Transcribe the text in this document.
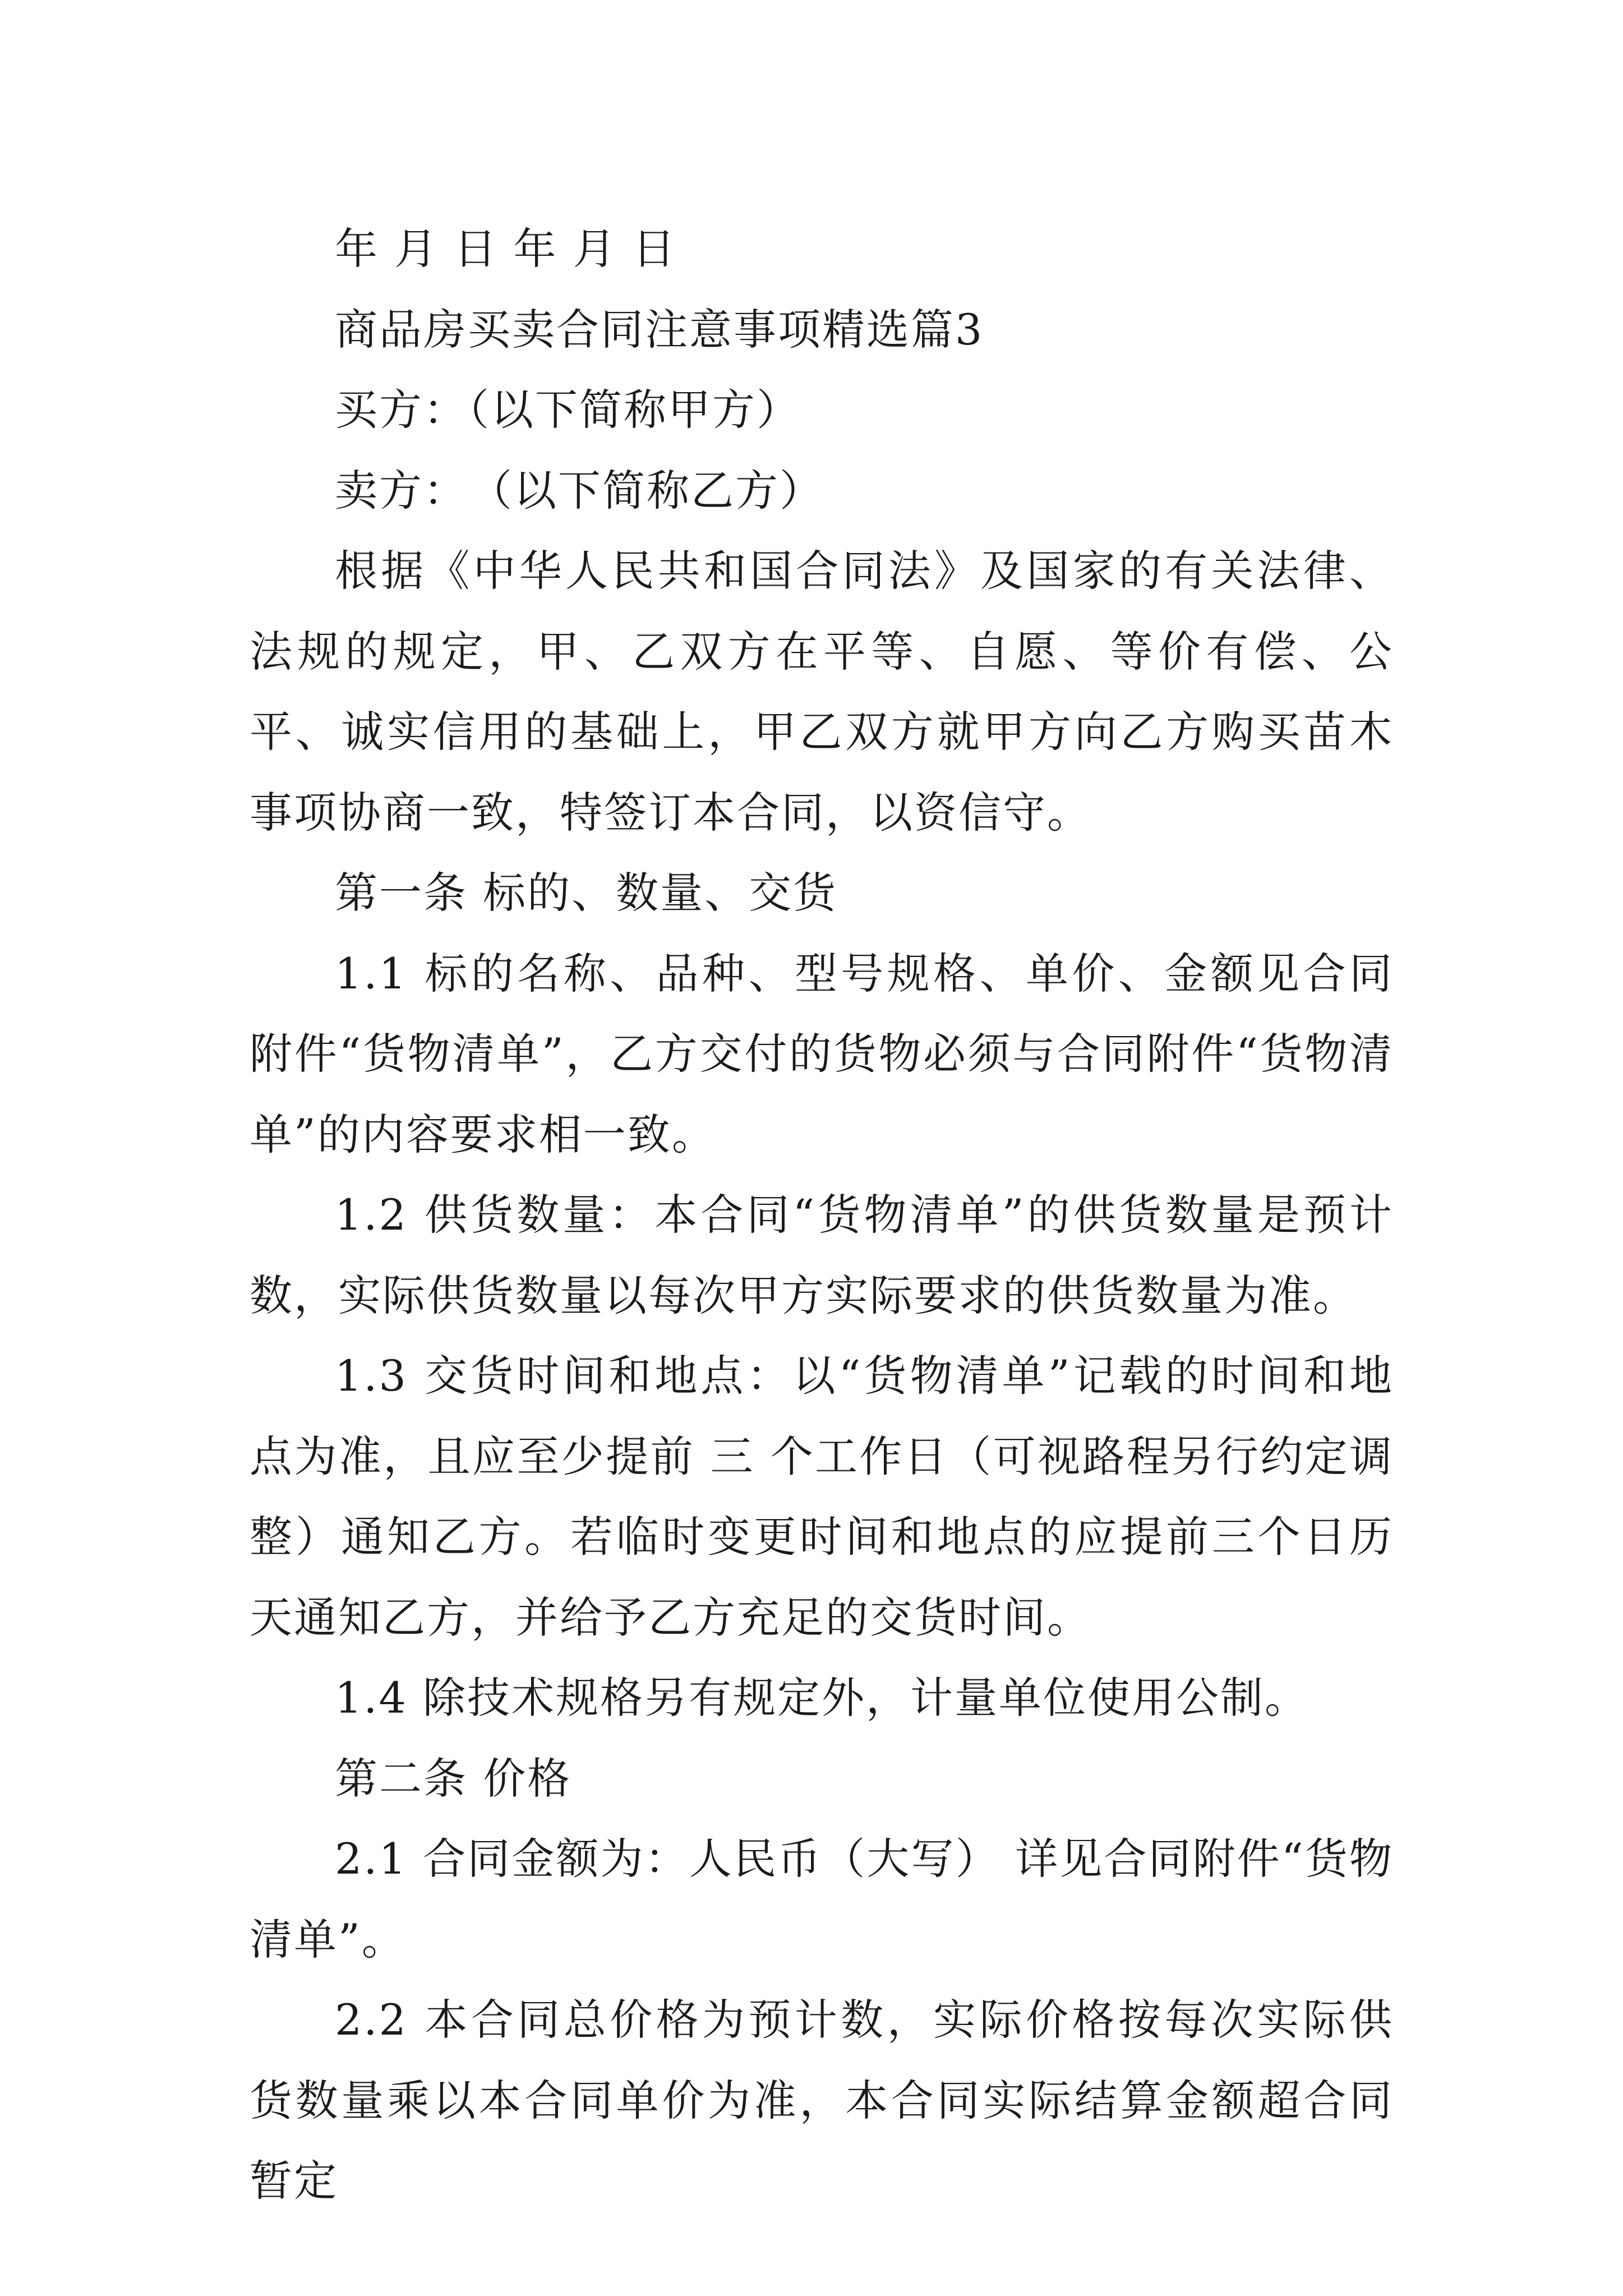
年 月 日 年 月 日

商品房买卖合同注意事项精选篇3

买方：（以下简称甲方）

卖方：　（以下简称乙方）

根据《中华人民共和国合同法》及国家的有关法律、法规的规定，甲、乙双方在平等、自愿、等价有偿、公平、诚实信用的基础上，甲乙双方就甲方向乙方购买苗木事项协商一致，特签订本合同，以资信守。

第一条 标的、数量、交货

1.1 标的名称、品种、型号规格、单价、金额见合同附件“货物清单”，乙方交付的货物必须与合同附件“货物清单”的内容要求相一致。

1.2 供货数量：本合同“货物清单”的供货数量是预计数，实际供货数量以每次甲方实际要求的供货数量为准。

1.3 交货时间和地点：以“货物清单”记载的时间和地点为准，且应至少提前 三 个工作日（可视路程另行约定调整）通知乙方。若临时变更时间和地点的应提前三个日历天通知乙方，并给予乙方充足的交货时间。

1.4 除技术规格另有规定外，计量单位使用公制。

第二条 价格

2.1 合同金额为：人民币（大写） 详见合同附件“货物清单”。

2.2 本合同总价格为预计数，实际价格按每次实际供货数量乘以本合同单价为准，本合同实际结算金额超合同暂定
